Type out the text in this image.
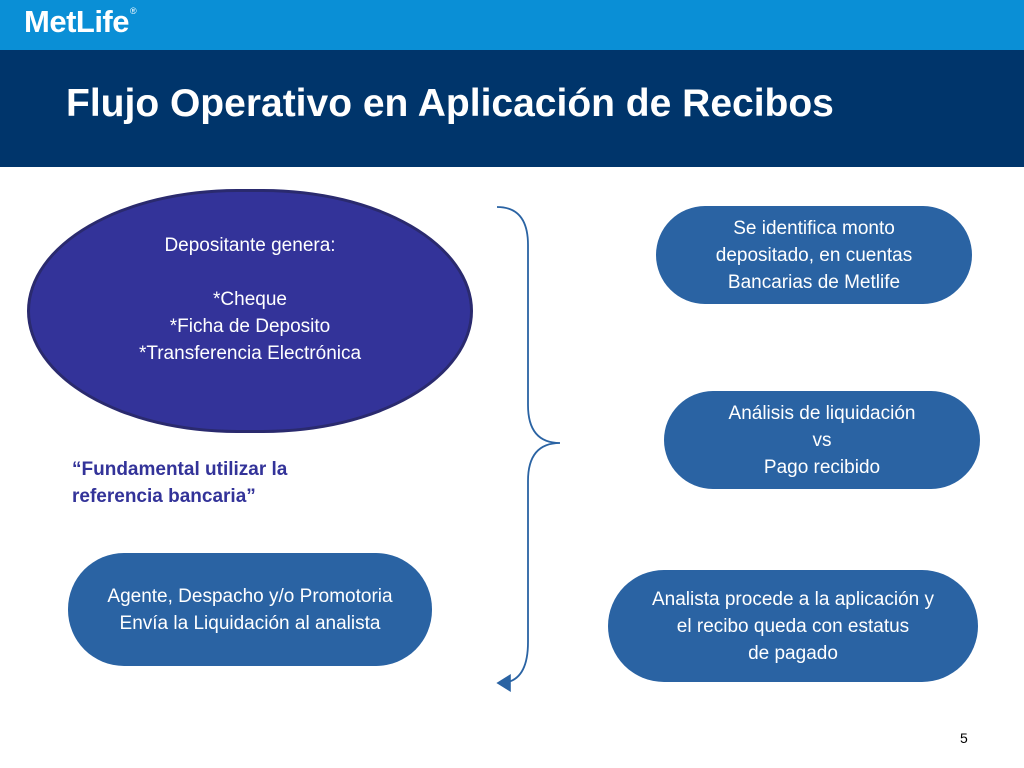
MetLife®
Flujo Operativo en Aplicación de Recibos
Depositante genera:

*Cheque
*Ficha de Deposito
*Transferencia Electrónica
“Fundamental utilizar la
referencia bancaria”
Agente, Despacho y/o Promotoria
Envía la Liquidación al analista
Se identifica monto
depositado, en cuentas
Bancarias de Metlife
Análisis de liquidación
vs
Pago recibido
Analista procede a la aplicación y
el recibo queda con estatus
de pagado
5
